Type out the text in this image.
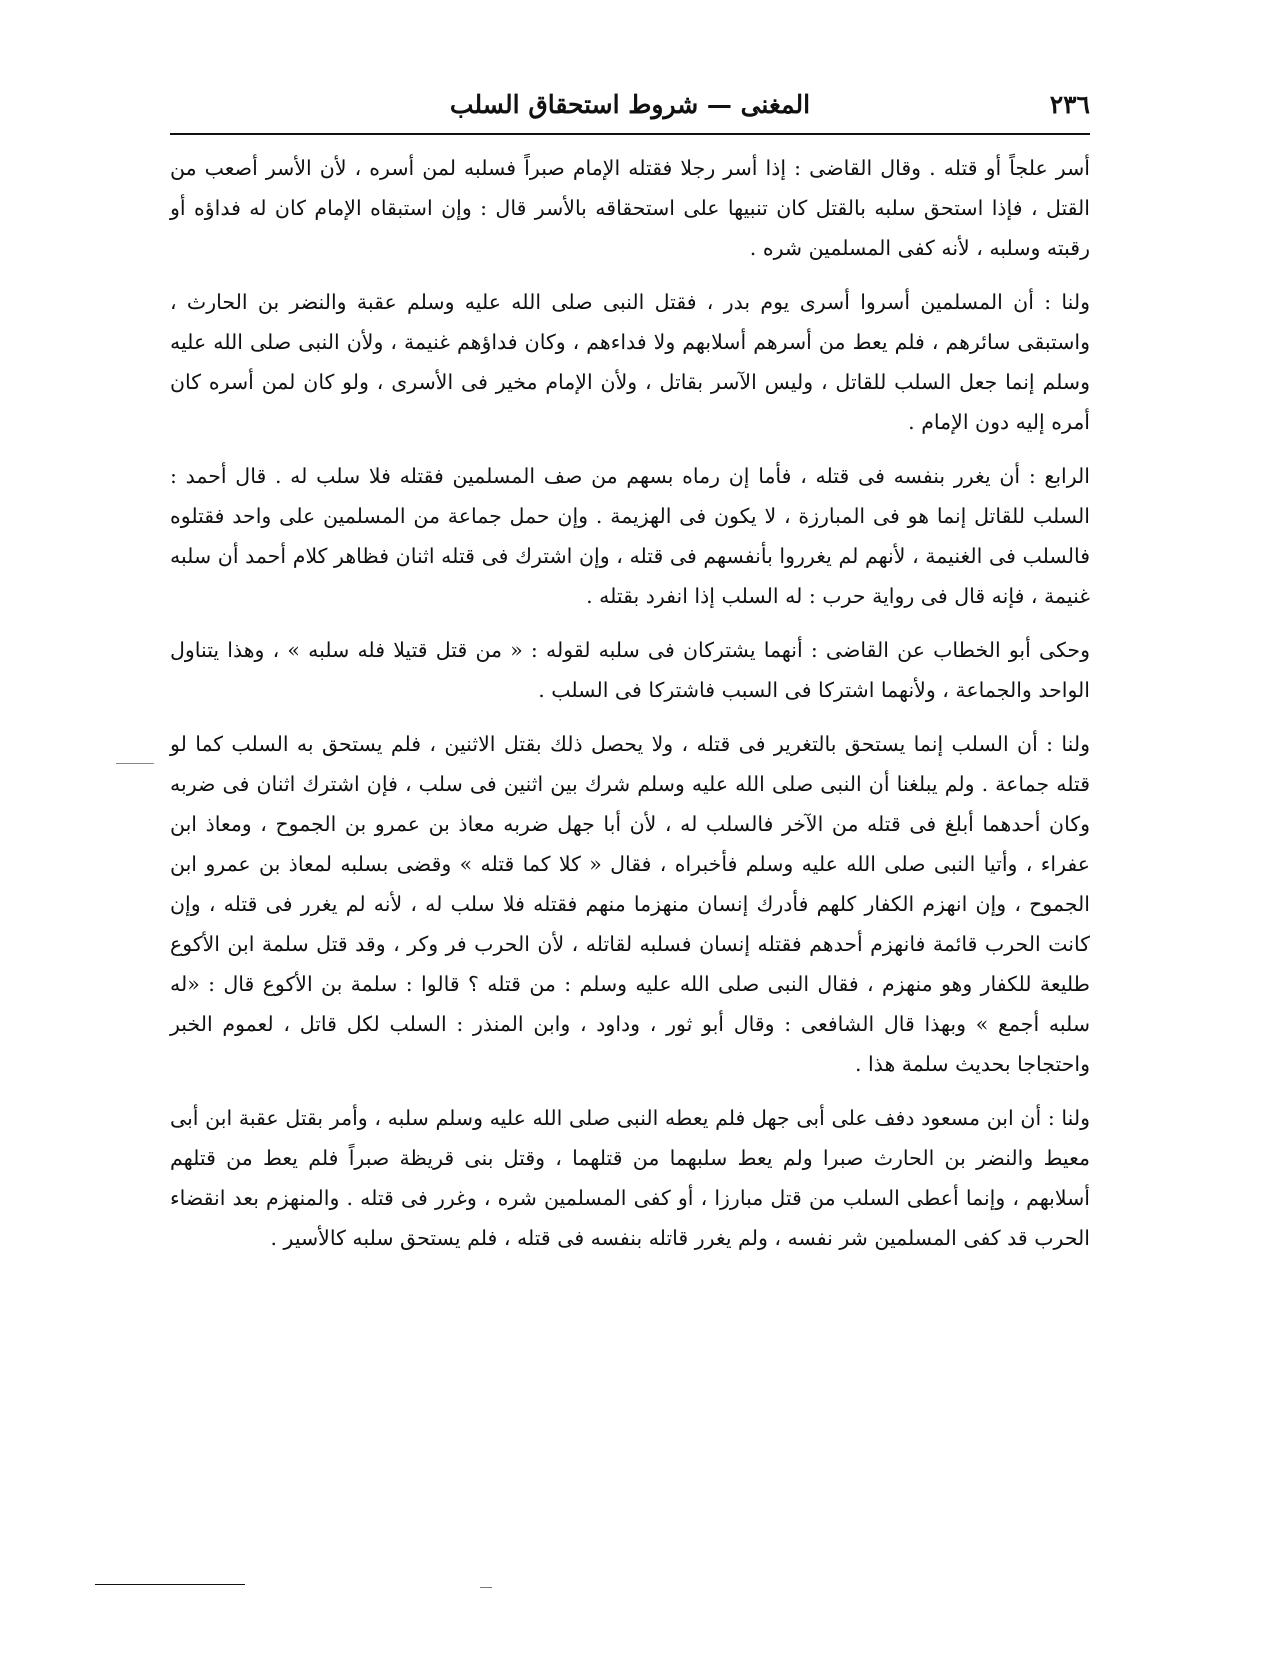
٢٣٦
المغنى — شروط استحقاق السلب

أسر علجاً أو قتله . وقال القاضى : إذا أسر رجلا فقتله الإمام صبراً فسلبه لمن أسره ، لأن الأسر أصعب من القتل ، فإذا استحق سلبه بالقتل كان تنبيها على استحقاقه بالأسر قال : وإن استبقاه الإمام كان له فداؤه أو رقبته وسلبه ، لأنه كفى المسلمين شره .

ولنا : أن المسلمين أسروا أسرى يوم بدر ، فقتل النبى صلى الله عليه وسلم عقبة والنضر بن الحارث ، واستبقى سائرهم ، فلم يعط من أسرهم أسلابهم ولا فداءهم ، وكان فداؤهم غنيمة ، ولأن النبى صلى الله عليه وسلم إنما جعل السلب للقاتل ، وليس الآسر بقاتل ، ولأن الإمام مخير فى الأسرى ، ولو كان لمن أسره كان أمره إليه دون الإمام .

الرابع : أن يغرر بنفسه فى قتله ، فأما إن رماه بسهم من صف المسلمين فقتله فلا سلب له . قال أحمد : السلب للقاتل إنما هو فى المبارزة ، لا يكون فى الهزيمة . وإن حمل جماعة من المسلمين على واحد فقتلوه فالسلب فى الغنيمة ، لأنهم لم يغرروا بأنفسهم فى قتله ، وإن اشترك فى قتله اثنان فظاهر كلام أحمد أن سلبه غنيمة ، فإنه قال فى رواية حرب : له السلب إذا انفرد بقتله .

وحكى أبو الخطاب عن القاضى : أنهما يشتركان فى سلبه لقوله : « من قتل قتيلا فله سلبه » ، وهذا يتناول الواحد والجماعة ، ولأنهما اشتركا فى السبب فاشتركا فى السلب .

ولنا : أن السلب إنما يستحق بالتغرير فى قتله ، ولا يحصل ذلك بقتل الاثنين ، فلم يستحق به السلب كما لو قتله جماعة . ولم يبلغنا أن النبى صلى الله عليه وسلم شرك بين اثنين فى سلب ، فإن اشترك اثنان فى ضربه وكان أحدهما أبلغ فى قتله من الآخر فالسلب له ، لأن أبا جهل ضربه معاذ بن عمرو بن الجموح ، ومعاذ ابن عفراء ، وأتيا النبى صلى الله عليه وسلم فأخبراه ، فقال « كلا كما قتله » وقضى بسلبه لمعاذ بن عمرو ابن الجموح ، وإن انهزم الكفار كلهم فأدرك إنسان منهزما منهم فقتله فلا سلب له ، لأنه لم يغرر فى قتله ، وإن كانت الحرب قائمة فانهزم أحدهم فقتله إنسان فسلبه لقاتله ، لأن الحرب فر وكر ، وقد قتل سلمة ابن الأكوع طليعة للكفار وهو منهزم ، فقال النبى صلى الله عليه وسلم : من قتله ؟ قالوا : سلمة بن الأكوع قال : «له سلبه أجمع » وبهذا قال الشافعى : وقال أبو ثور ، وداود ، وابن المنذر : السلب لكل قاتل ، لعموم الخبر واحتجاجا بحديث سلمة هذا .

ولنا : أن ابن مسعود دفف على أبى جهل فلم يعطه النبى صلى الله عليه وسلم سلبه ، وأمر بقتل عقبة ابن أبى معيط والنضر بن الحارث صبرا ولم يعط سلبهما من قتلهما ، وقتل بنى قريظة صبراً فلم يعط من قتلهم أسلابهم ، وإنما أعطى السلب من قتل مبارزا ، أو كفى المسلمين شره ، وغرر فى قتله . والمنهزم بعد انقضاء الحرب قد كفى المسلمين شر نفسه ، ولم يغرر قاتله بنفسه فى قتله ، فلم يستحق سلبه كالأسير .
